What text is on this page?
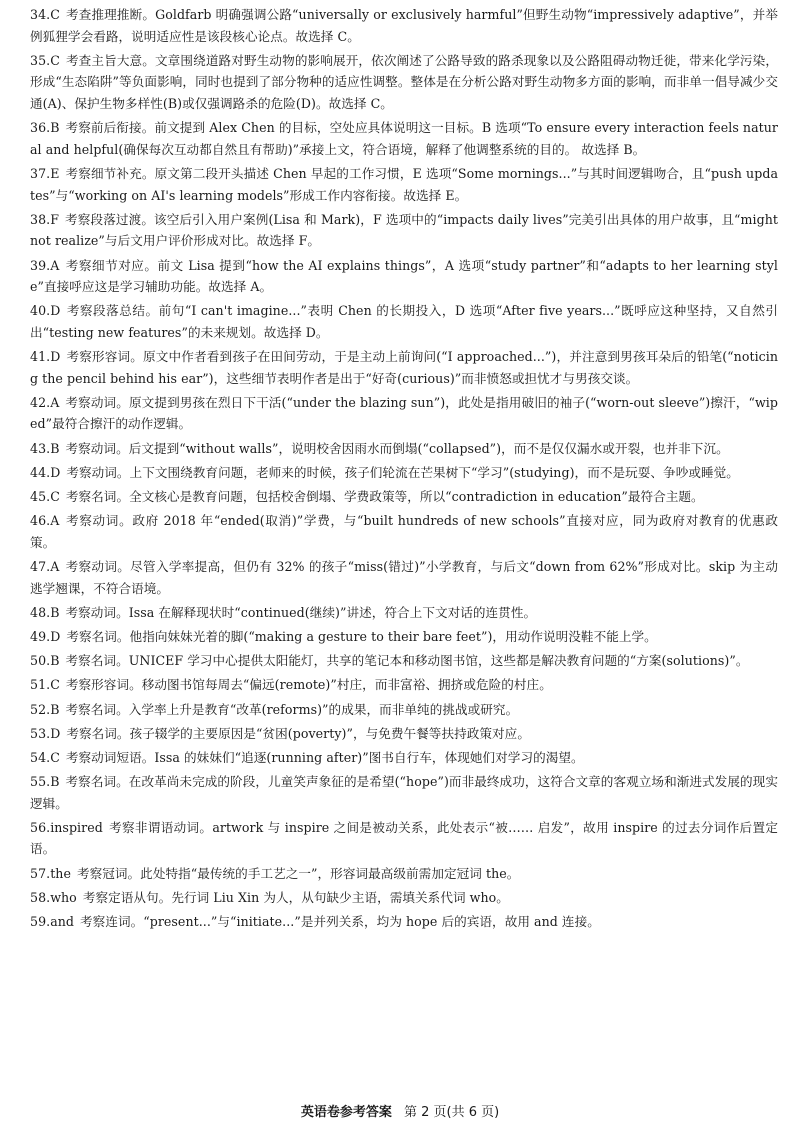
34.C 考查推理推断。Goldfarb 明确强调公路“universally or exclusively harmful”但野生动物“impressively adaptive”，并举例狐狸学会看路，说明适应性是该段核心论点。故选择 C。

35.C 考查主旨大意。文章围绕道路对野生动物的影响展开，依次阐述了公路导致的路杀现象以及公路阻碍动物迁徙，带来化学污染，形成“生态陷阱”等负面影响，同时也提到了部分物种的适应性调整。整体是在分析公路对野生动物多方面的影响，而非单一倡导减少交通(A)、保护生物多样性(B)或仅强调路杀的危险(D)。故选择 C。

36.B 考察前后衔接。前文提到 Alex Chen 的目标，空处应具体说明这一目标。B 选项“To ensure every interaction feels natural and helpful(确保每次互动都自然且有帮助)”承接上文，符合语境，解释了他调整系统的目的。 故选择 B。

37.E 考察细节补充。原文第二段开头描述 Chen 早起的工作习惯，E 选项“Some mornings...”与其时间逻辑吻合，且“push updates”与“working on AI's learning models”形成工作内容衔接。故选择 E。

38.F 考察段落过渡。该空后引入用户案例(Lisa 和 Mark)，F 选项中的“impacts daily lives”完美引出具体的用户故事，且“might not realize”与后文用户评价形成对比。故选择 F。

39.A 考察细节对应。前文 Lisa 提到“how the AI explains things”，A 选项“study partner”和“adapts to her learning style”直接呼应这是学习辅助功能。故选择 A。

40.D 考察段落总结。前句“I can't imagine...”表明 Chen 的长期投入，D 选项“After five years...”既呼应这种坚持，又自然引出“testing new features”的未来规划。故选择 D。

41.D 考察形容词。原文中作者看到孩子在田间劳动，于是主动上前询问(“I approached...”)，并注意到男孩耳朵后的铅笔(“noticing the pencil behind his ear”)，这些细节表明作者是出于“好奇(curious)”而非愤怒或担忧才与男孩交谈。

42.A 考察动词。原文提到男孩在烈日下干活(“under the blazing sun”)，此处是指用破旧的袖子(“worn-out sleeve”)擦汗，“wiped”最符合擦汗的动作逻辑。

43.B 考察动词。后文提到“without walls”，说明校舍因雨水而倒塌(“collapsed”)，而不是仅仅漏水或开裂，也并非下沉。

44.D 考察动词。上下文围绕教育问题，老师来的时候，孩子们轮流在芒果树下“学习”(studying)，而不是玩耍、争吵或睡觉。

45.C 考察名词。全文核心是教育问题，包括校舍倒塌、学费政策等，所以“contradiction in education”最符合主题。

46.A 考察动词。政府 2018 年“ended(取消)”学费，与“built hundreds of new schools”直接对应，同为政府对教育的优惠政策。

47.A 考察动词。尽管入学率提高，但仍有 32% 的孩子“miss(错过)”小学教育，与后文“down from 62%”形成对比。skip 为主动逃学翘课，不符合语境。

48.B 考察动词。Issa 在解释现状时“continued(继续)”讲述，符合上下文对话的连贯性。

49.D 考察名词。他指向妹妹光着的脚(“making a gesture to their bare feet”)，用动作说明没鞋不能上学。

50.B 考察名词。UNICEF 学习中心提供太阳能灯，共享的笔记本和移动图书馆，这些都是解决教育问题的“方案(solutions)”。

51.C 考察形容词。移动图书馆每周去“偏远(remote)”村庄，而非富裕、拥挤或危险的村庄。

52.B 考察名词。入学率上升是教育“改革(reforms)”的成果，而非单纯的挑战或研究。

53.D 考察名词。孩子辍学的主要原因是“贫困(poverty)”，与免费午餐等扶持政策对应。

54.C 考察动词短语。Issa 的妹妹们“追逐(running after)”图书自行车，体现她们对学习的渴望。

55.B 考察名词。在改革尚未完成的阶段，儿童笑声象征的是希望(“hope”)而非最终成功，这符合文章的客观立场和渐进式发展的现实逻辑。

56.inspired 考察非谓语动词。artwork 与 inspire 之间是被动关系，此处表示“被…… 启发”，故用 inspire 的过去分词作后置定语。

57.the 考察冠词。此处特指“最传统的手工艺之一”，形容词最高级前需加定冠词 the。

58.who 考察定语从句。先行词 Liu Xin 为人，从句缺少主语，需填关系代词 who。

59.and 考察连词。“present...”与“initiate...”是并列关系，均为 hope 后的宾语，故用 and 连接。

英语卷参考答案 第 2 页(共 6 页)
